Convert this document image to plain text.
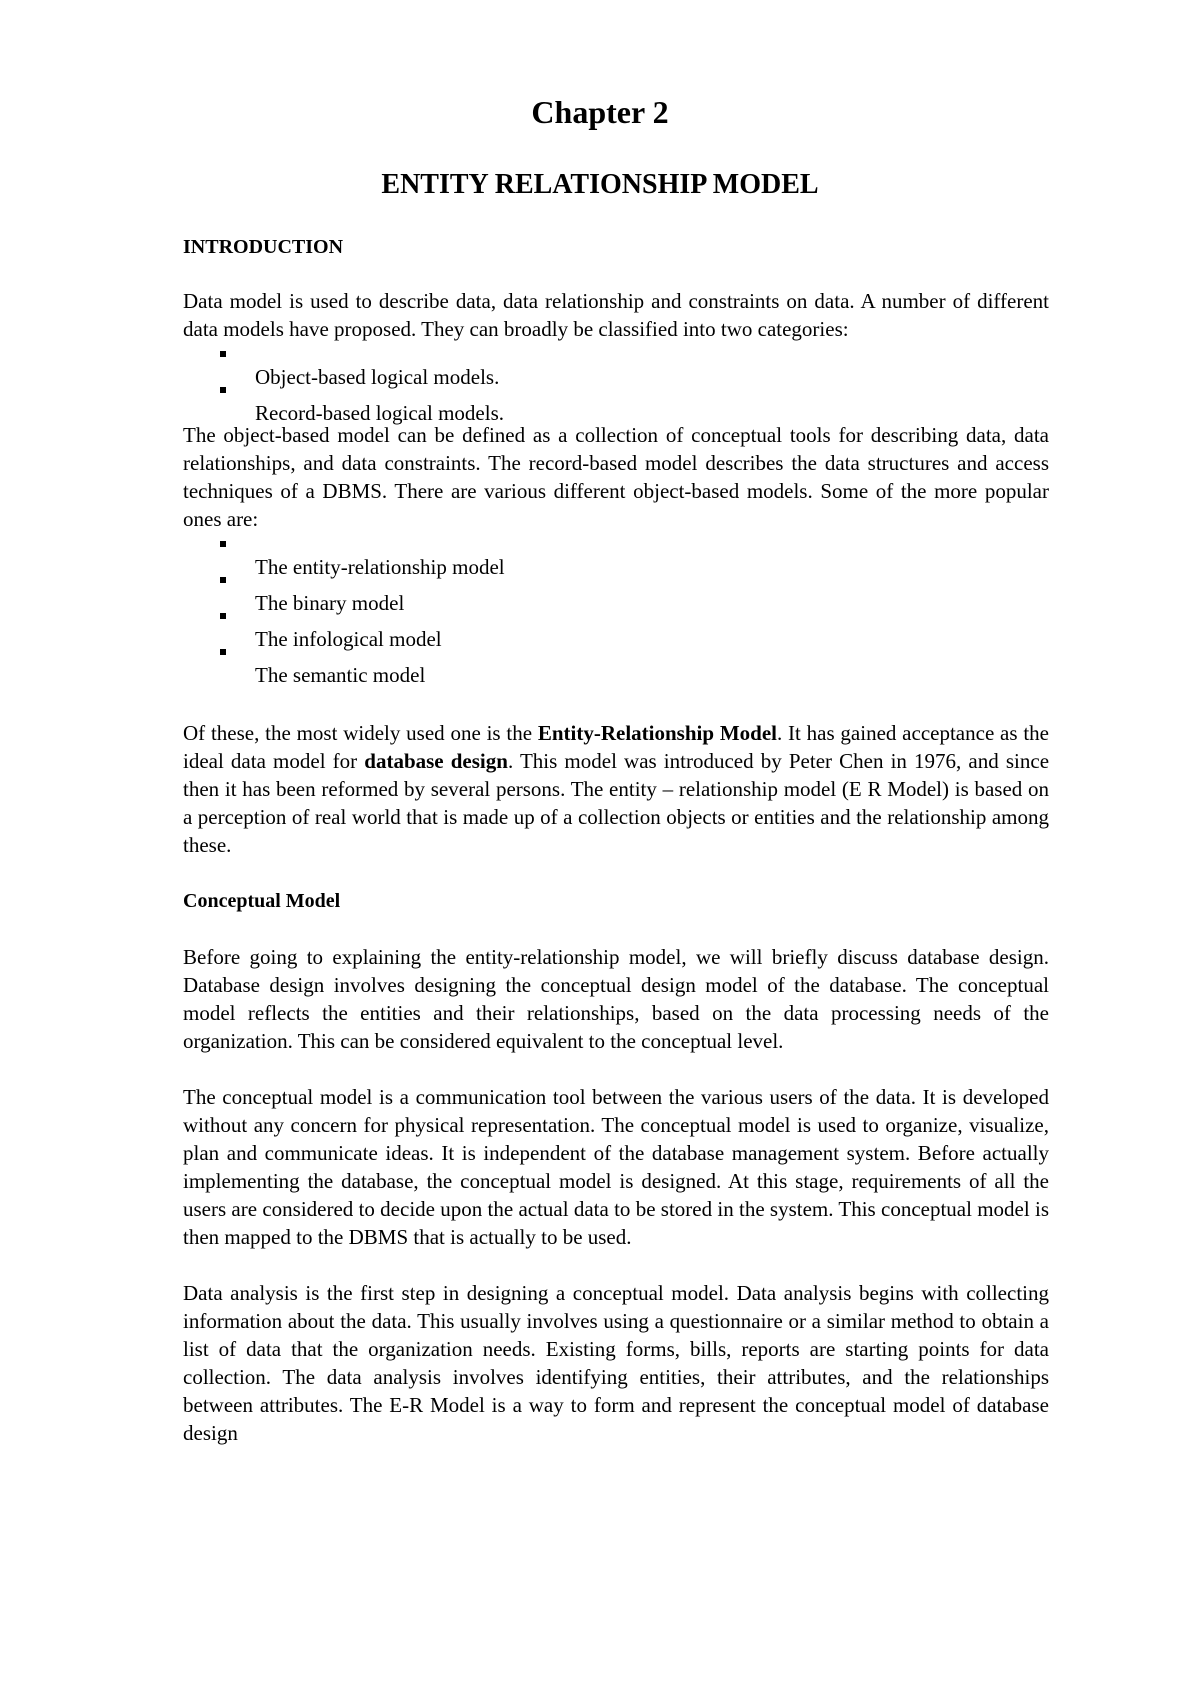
Chapter 2
ENTITY RELATIONSHIP MODEL
INTRODUCTION

Data model is used to describe data, data relationship and constraints on data. A number of different data models have proposed. They can broadly be classified into two categories:

Object-based logical models.
Record-based logical models.

The object-based model can be defined as a collection of conceptual tools for describing data, data relationships, and data constraints. The record-based model describes the data structures and access techniques of a DBMS. There are various different object-based models. Some of the more popular ones are:

The entity-relationship model
The binary model
The infological model
The semantic model

Of these, the most widely used one is the Entity-Relationship Model. It has gained acceptance as the ideal data model for database design. This model was introduced by Peter Chen in 1976, and since then it has been reformed by several persons. The entity – relationship model (E R Model) is based on a perception of real world that is made up of a collection objects or entities and the relationship among these.

Conceptual Model

Before going to explaining the entity-relationship model, we will briefly discuss database design. Database design involves designing the conceptual design model of the database. The conceptual model reflects the entities and their relationships, based on the data processing needs of the organization. This can be considered equivalent to the conceptual level.

The conceptual model is a communication tool between the various users of the data. It is developed without any concern for physical representation. The conceptual model is used to organize, visualize, plan and communicate ideas. It is independent of the database management system. Before actually implementing the database, the conceptual model is designed. At this stage, requirements of all the users are considered to decide upon the actual data to be stored in the system. This conceptual model is then mapped to the DBMS that is actually to be used.

Data analysis is the first step in designing a conceptual model. Data analysis begins with collecting information about the data. This usually involves using a questionnaire or a similar method to obtain a list of data that the organization needs. Existing forms, bills, reports are starting points for data collection. The data analysis involves identifying entities, their attributes, and the relationships between attributes. The E-R Model is a way to form and represent the conceptual model of database design
